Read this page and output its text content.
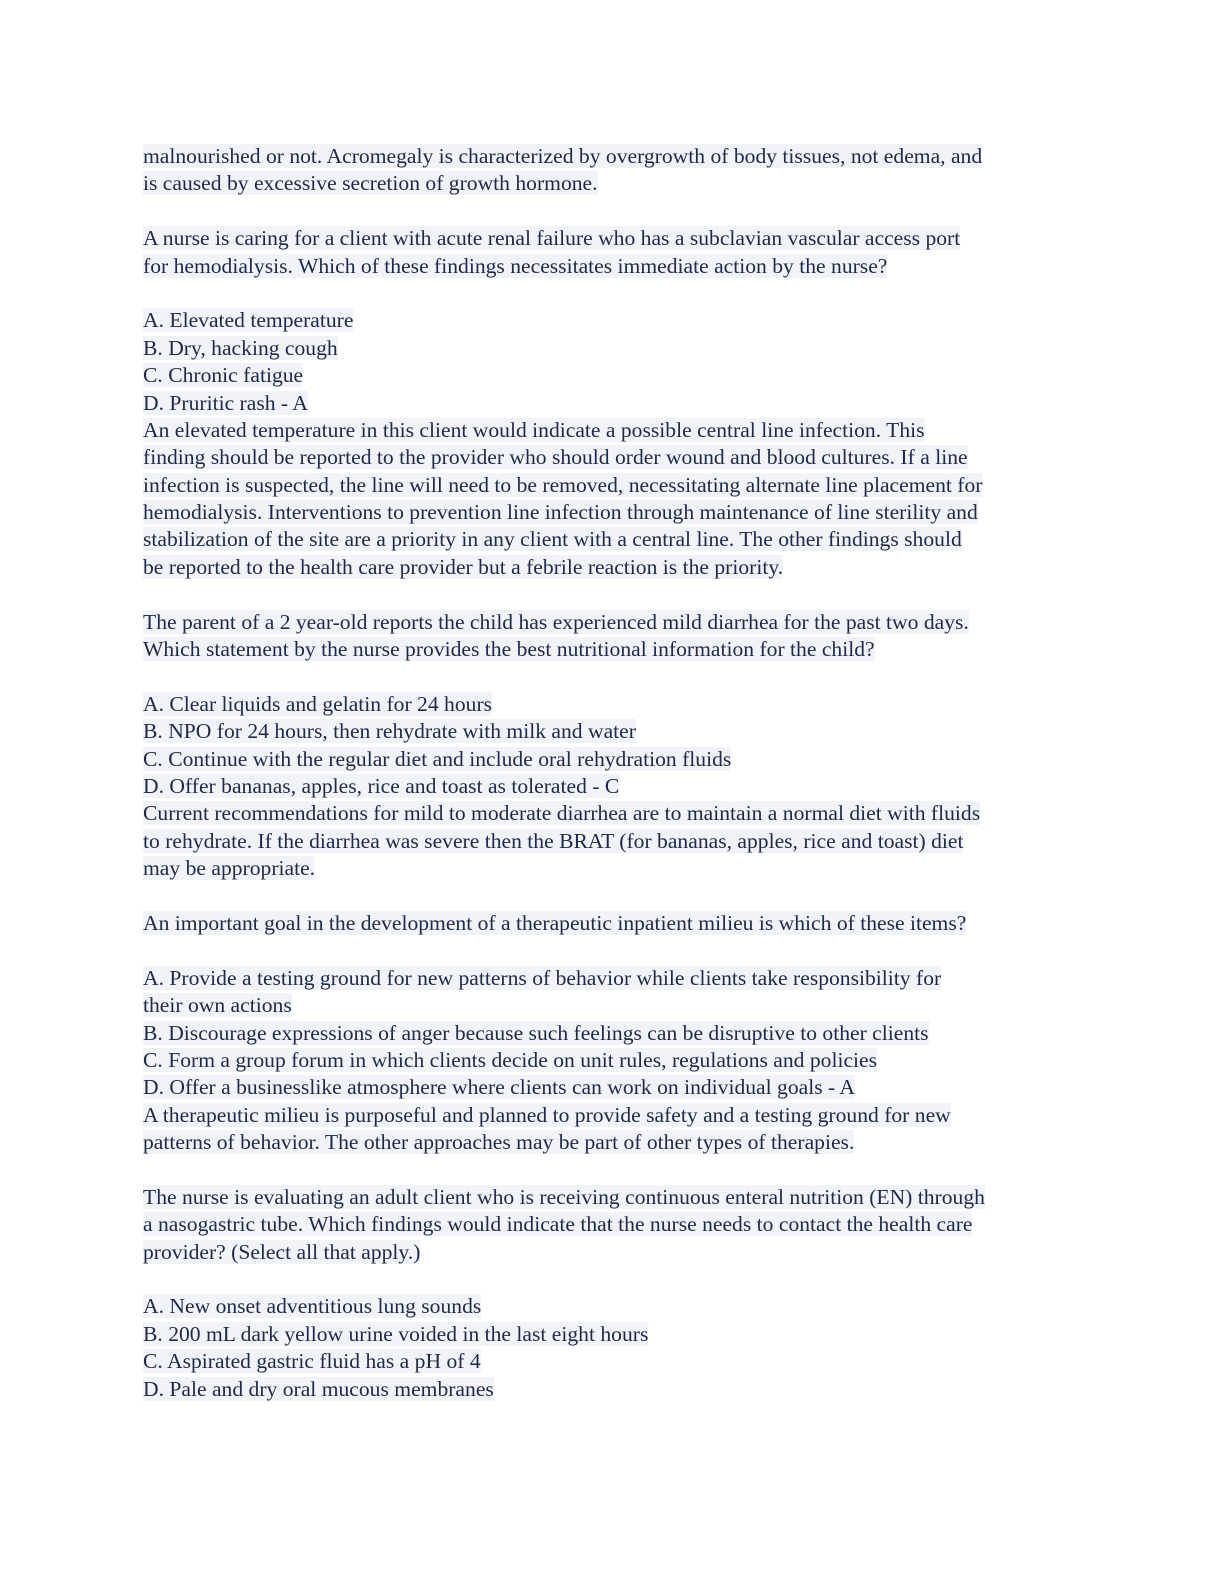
malnourished or not. Acromegaly is characterized by overgrowth of body tissues, not edema, and
is caused by excessive secretion of growth hormone.
A nurse is caring for a client with acute renal failure who has a subclavian vascular access port
for hemodialysis. Which of these findings necessitates immediate action by the nurse?
A. Elevated temperature
B. Dry, hacking cough
C. Chronic fatigue
D. Pruritic rash - A
An elevated temperature in this client would indicate a possible central line infection. This
finding should be reported to the provider who should order wound and blood cultures. If a line
infection is suspected, the line will need to be removed, necessitating alternate line placement for
hemodialysis. Interventions to prevention line infection through maintenance of line sterility and
stabilization of the site are a priority in any client with a central line. The other findings should
be reported to the health care provider but a febrile reaction is the priority.
The parent of a 2 year-old reports the child has experienced mild diarrhea for the past two days.
Which statement by the nurse provides the best nutritional information for the child?
A. Clear liquids and gelatin for 24 hours
B. NPO for 24 hours, then rehydrate with milk and water
C. Continue with the regular diet and include oral rehydration fluids
D. Offer bananas, apples, rice and toast as tolerated - C
Current recommendations for mild to moderate diarrhea are to maintain a normal diet with fluids
to rehydrate. If the diarrhea was severe then the BRAT (for bananas, apples, rice and toast) diet
may be appropriate.
An important goal in the development of a therapeutic inpatient milieu is which of these items?
A. Provide a testing ground for new patterns of behavior while clients take responsibility for
their own actions
B. Discourage expressions of anger because such feelings can be disruptive to other clients
C. Form a group forum in which clients decide on unit rules, regulations and policies
D. Offer a businesslike atmosphere where clients can work on individual goals - A
A therapeutic milieu is purposeful and planned to provide safety and a testing ground for new
patterns of behavior. The other approaches may be part of other types of therapies.
The nurse is evaluating an adult client who is receiving continuous enteral nutrition (EN) through
a nasogastric tube. Which findings would indicate that the nurse needs to contact the health care
provider? (Select all that apply.)
A. New onset adventitious lung sounds
B. 200 mL dark yellow urine voided in the last eight hours
C. Aspirated gastric fluid has a pH of 4
D. Pale and dry oral mucous membranes
